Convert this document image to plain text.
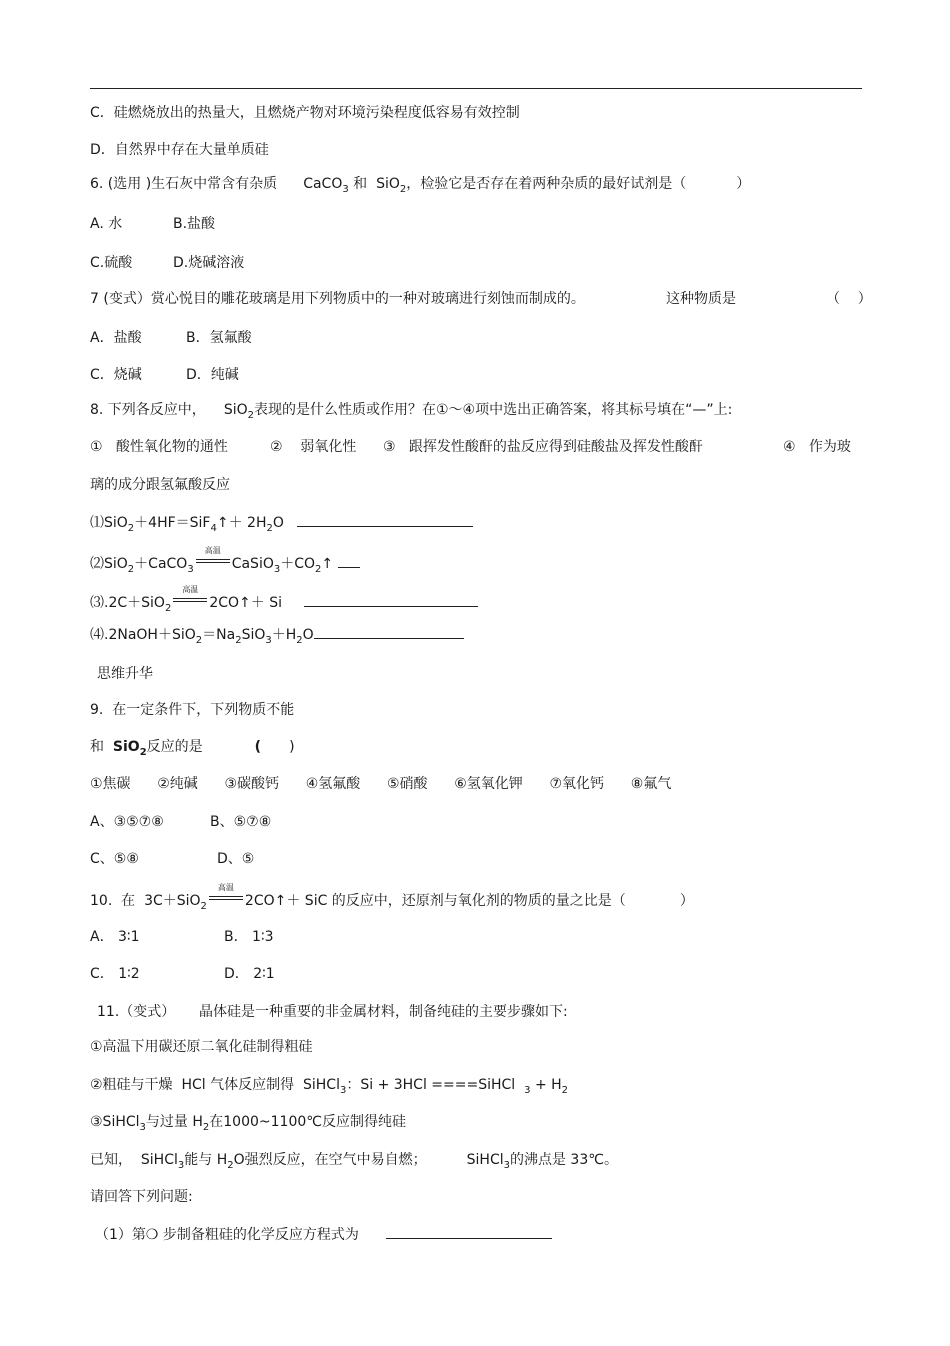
C．硅燃烧放出的热量大，且燃烧产物对环境污染程度低容易有效控制
D．自然界中存在大量单质硅
6. (选用 )生石灰中常含有杂质 CaCO$_3$ 和  SiO$_2$，检验它是否存在着两种杂质的最好试剂是（	）
A. 水	B.盐酸
C.硫酸	D.烧碱溶液
7 (变式）赏心悦目的雕花玻璃是用下列物质中的一种对玻璃进行刻蚀而制成的。	这种物质是	（    ）
A．盐酸	B．氢氟酸
C．烧碱	D．纯碱
8. 下列各反应中， SiO$_2$表现的是什么性质或作用？在①～④项中选出正确答案，将其标号填在“—”上:
①   酸性氧化物的通性	②    弱氧化性 ③   跟挥发性酸酐的盐反应得到硅酸盐及挥发性酸酐	④   作为玻
璃的成分跟氢氟酸反应
⑴SiO$_2$＋4HF＝SiF$_4$↑＋ $2H_2O$
⑵SiO$_2$＋CaCO$_3$
高温
$CaSiO_3+CO_2↑$
⑶.2C＋SiO$_2$
高温
2CO↑＋ Si
$⑷.2NaOH+SiO_2=Na_2SiO_3+H_2O$
思维升华
9.  在一定条件下，下列物质不能
和 SiO$_2$反应的是	( )
①焦碳      ②纯碱      ③碳酸钙      ④氢氟酸      ⑤硝酸      ⑥氢氧化钾      ⑦氧化钙      ⑧氟气
A、③⑤⑦⑧	B、⑤⑦⑧
C、⑤⑧	D、⑤
10.  在  3C＋SiO$_2$
高温
2CO↑＋ SiC 的反应中，还原剂与氧化剂的物质的量之比是（	）
A． 3∶1	B． 1∶3
C． 1∶2	D． 2∶1
11.（变式） 晶体硅是一种重要的非金属材料，制备纯硅的主要步骤如下:
①高温下用碳还原二氧化硅制得粗硅
②粗硅与干燥  HCl 气体反应制得  SiHCl$_3$：Si + 3HCl ====SiHCl $_3 + H_2$
③SiHCl$_3$与过量 $H_2$在1000~1100℃反应制得纯硅
已知，  SiHCl$_3$能与 $H_2O$强烈反应，在空气中易自燃；	SiHCl$_3$的沸点是 33℃。
请回答下列问题:
（1）第❍ 步制备粗硅的化学反应方程式为
